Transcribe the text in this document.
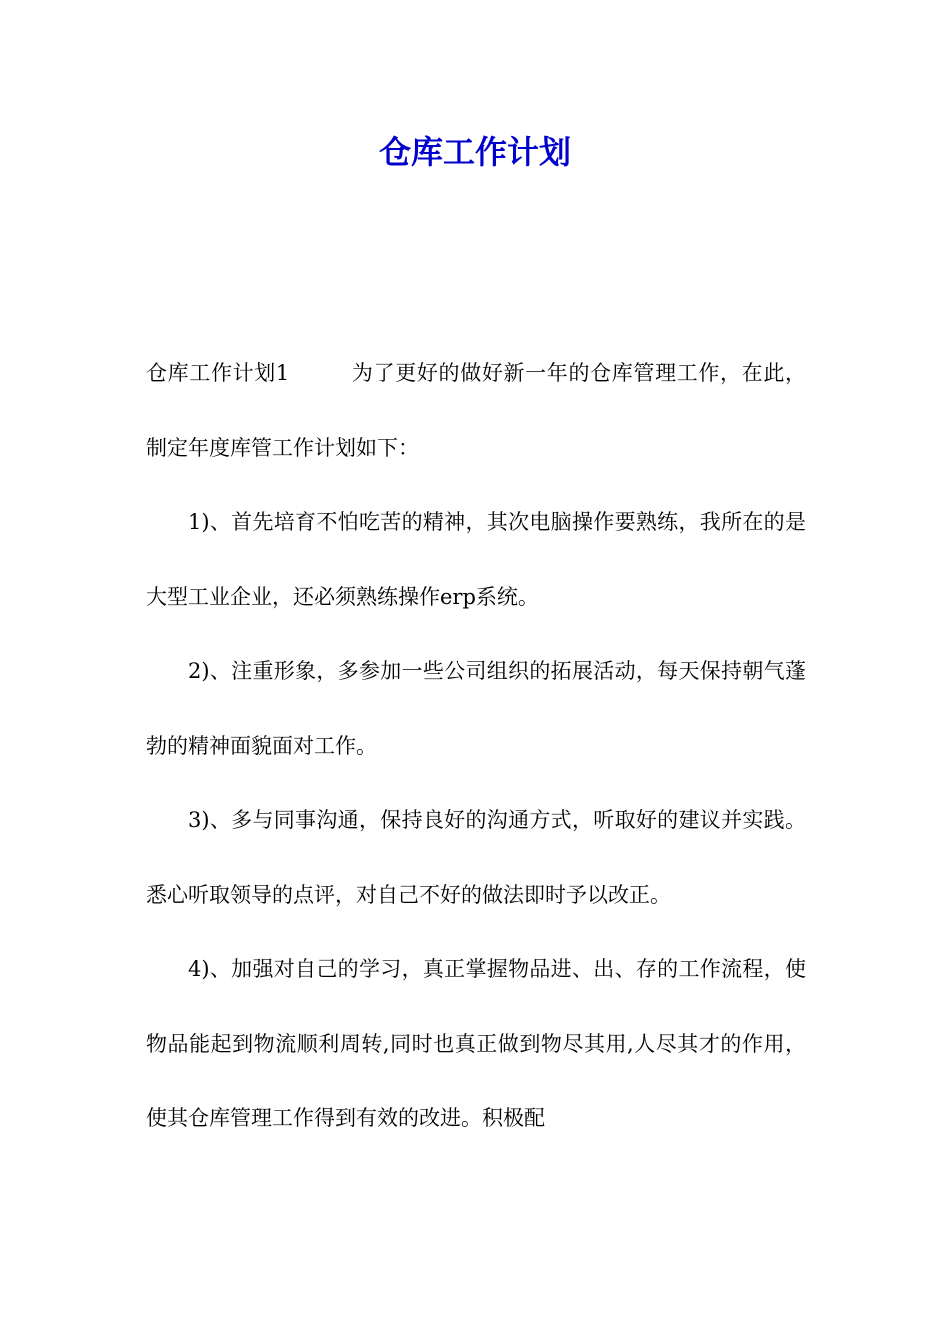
仓库工作计划

仓库工作计划1	为了更好的做好新一年的仓库管理工作，在此，制定年度库管工作计划如下：

1)、首先培育不怕吃苦的精神，其次电脑操作要熟练，我所在的是大型工业企业，还必须熟练操作erp系统。

2)、注重形象，多参加一些公司组织的拓展活动，每天保持朝气蓬勃的精神面貌面对工作。

3)、多与同事沟通，保持良好的沟通方式，听取好的建议并实践。悉心听取领导的点评，对自己不好的做法即时予以改正。

4)、加强对自己的学习，真正掌握物品进、出、存的工作流程，使物品能起到物流顺利周转,同时也真正做到物尽其用,人尽其才的作用，使其仓库管理工作得到有效的改进。积极配
